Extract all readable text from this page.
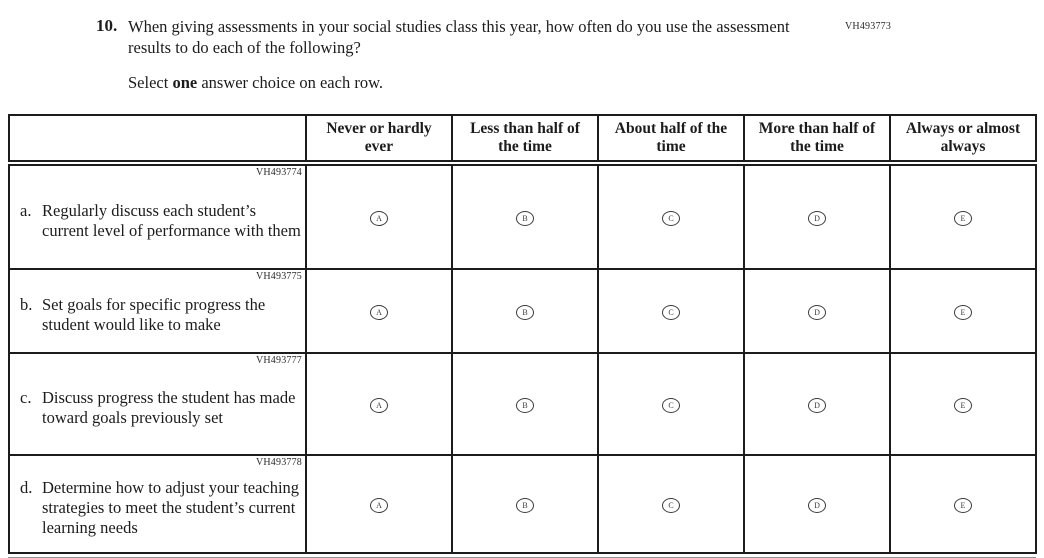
VH493773
10. When giving assessments in your social studies class this year, how often do you use the assessment results to do each of the following?

Select one answer choice on each row.

	Never or hardly ever	Less than half of the time	About half of the time	More than half of the time	Always or almost always

VH493774
a. Regularly discuss each student’s current level of performance with them	A	B	C	D	E

VH493775
b. Set goals for specific progress the student would like to make	A	B	C	D	E

VH493777
c. Discuss progress the student has made toward goals previously set	A	B	C	D	E

VH493778
d. Determine how to adjust your teaching strategies to meet the student’s current learning needs	A	B	C	D	E
